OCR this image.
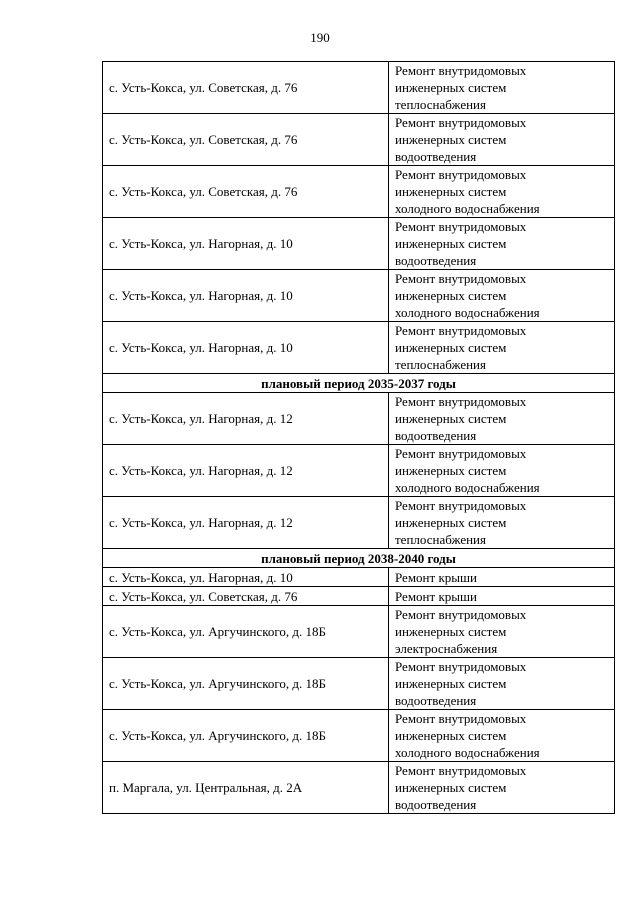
190
с. Усть-Кокса, ул. Советская, д. 76	Ремонт внутридомовых
инженерных систем
теплоснабжения

с. Усть-Кокса, ул. Советская, д. 76	Ремонт внутридомовых
инженерных систем
водоотведения

с. Усть-Кокса, ул. Советская, д. 76	Ремонт внутридомовых
инженерных систем
холодного водоснабжения

с. Усть-Кокса, ул. Нагорная, д. 10	Ремонт внутридомовых
инженерных систем
водоотведения

с. Усть-Кокса, ул. Нагорная, д. 10	Ремонт внутридомовых
инженерных систем
холодного водоснабжения

с. Усть-Кокса, ул. Нагорная, д. 10	Ремонт внутридомовых
инженерных систем
теплоснабжения

плановый период 2035-2037 годы	
с. Усть-Кокса, ул. Нагорная, д. 12	Ремонт внутридомовых
инженерных систем
водоотведения

с. Усть-Кокса, ул. Нагорная, д. 12	Ремонт внутридомовых
инженерных систем
холодного водоснабжения

с. Усть-Кокса, ул. Нагорная, д. 12	Ремонт внутридомовых
инженерных систем
теплоснабжения

плановый период 2038-2040 годы	
с. Усть-Кокса, ул. Нагорная, д. 10	Ремонт крыши

с. Усть-Кокса, ул. Советская, д. 76	Ремонт крыши

с. Усть-Кокса, ул. Аргучинского, д. 18Б	Ремонт внутридомовых
инженерных систем
электроснабжения

с. Усть-Кокса, ул. Аргучинского, д. 18Б	Ремонт внутридомовых
инженерных систем
водоотведения

с. Усть-Кокса, ул. Аргучинского, д. 18Б	Ремонт внутридомовых
инженерных систем
холодного водоснабжения

п. Маргала, ул. Центральная, д. 2А	Ремонт внутридомовых
инженерных систем
водоотведения
